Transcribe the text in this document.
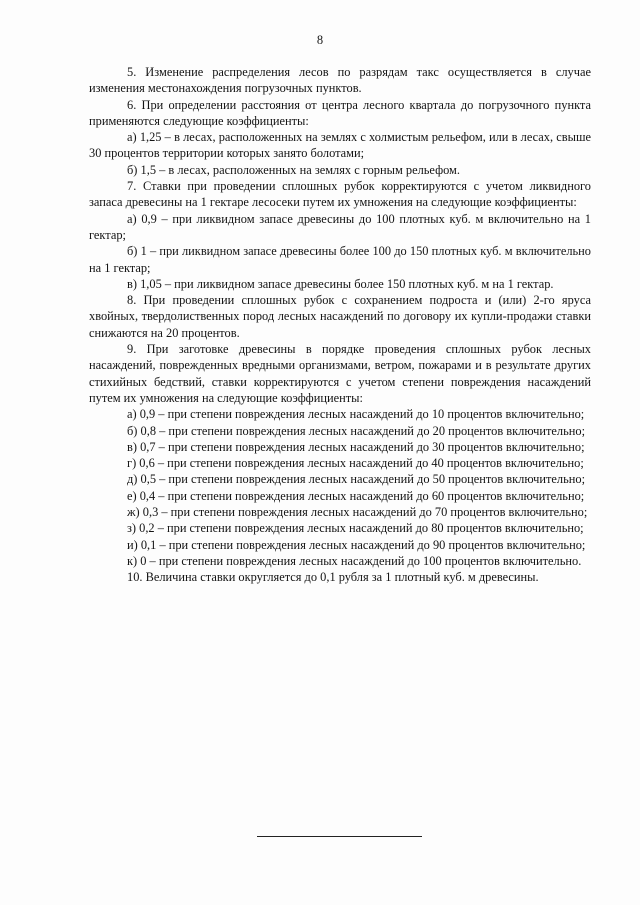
8

5. Изменение распределения лесов по разрядам такс осуществляется в случае изменения местонахождения погрузочных пунктов.

6. При определении расстояния от центра лесного квартала до погрузочного пункта применяются следующие коэффициенты:

а) 1,25 – в лесах, расположенных на землях с холмистым рельефом, или в лесах, свыше 30 процентов территории которых занято болотами;

б) 1,5 – в лесах, расположенных на землях с горным рельефом.

7. Ставки при проведении сплошных рубок корректируются с учетом ликвидного запаса древесины на 1 гектаре лесосеки путем их умножения на следующие коэффициенты:

а) 0,9 – при ликвидном запасе древесины до 100 плотных куб. м включительно на 1 гектар;

б) 1 – при ликвидном запасе древесины более 100 до 150 плотных куб. м включительно на 1 гектар;

в) 1,05 – при ликвидном запасе древесины более 150 плотных куб. м на 1 гектар.

8. При проведении сплошных рубок с сохранением подроста и (или) 2-го яруса хвойных, твердолиственных пород лесных насаждений по договору их купли-продажи ставки снижаются на 20 процентов.

9. При заготовке древесины в порядке проведения сплошных рубок лесных насаждений, поврежденных вредными организмами, ветром, пожарами и в результате других стихийных бедствий, ставки корректируются с учетом степени повреждения насаждений путем их умножения на следующие коэффициенты:

а) 0,9 – при степени повреждения лесных насаждений до 10 процентов включительно;

б) 0,8 – при степени повреждения лесных насаждений до 20 процентов включительно;

в) 0,7 – при степени повреждения лесных насаждений до 30 процентов включительно;

г) 0,6 – при степени повреждения лесных насаждений до 40 процентов включительно;

д) 0,5 – при степени повреждения лесных насаждений до 50 процентов включительно;

е) 0,4 – при степени повреждения лесных насаждений до 60 процентов включительно;

ж) 0,3 – при степени повреждения лесных насаждений до 70 процентов включительно;

з) 0,2 – при степени повреждения лесных насаждений до 80 процентов включительно;

и) 0,1 – при степени повреждения лесных насаждений до 90 процентов включительно;

к) 0 – при степени повреждения лесных насаждений до 100 процентов включительно.

10. Величина ставки округляется до 0,1 рубля за 1 плотный куб. м древесины.
